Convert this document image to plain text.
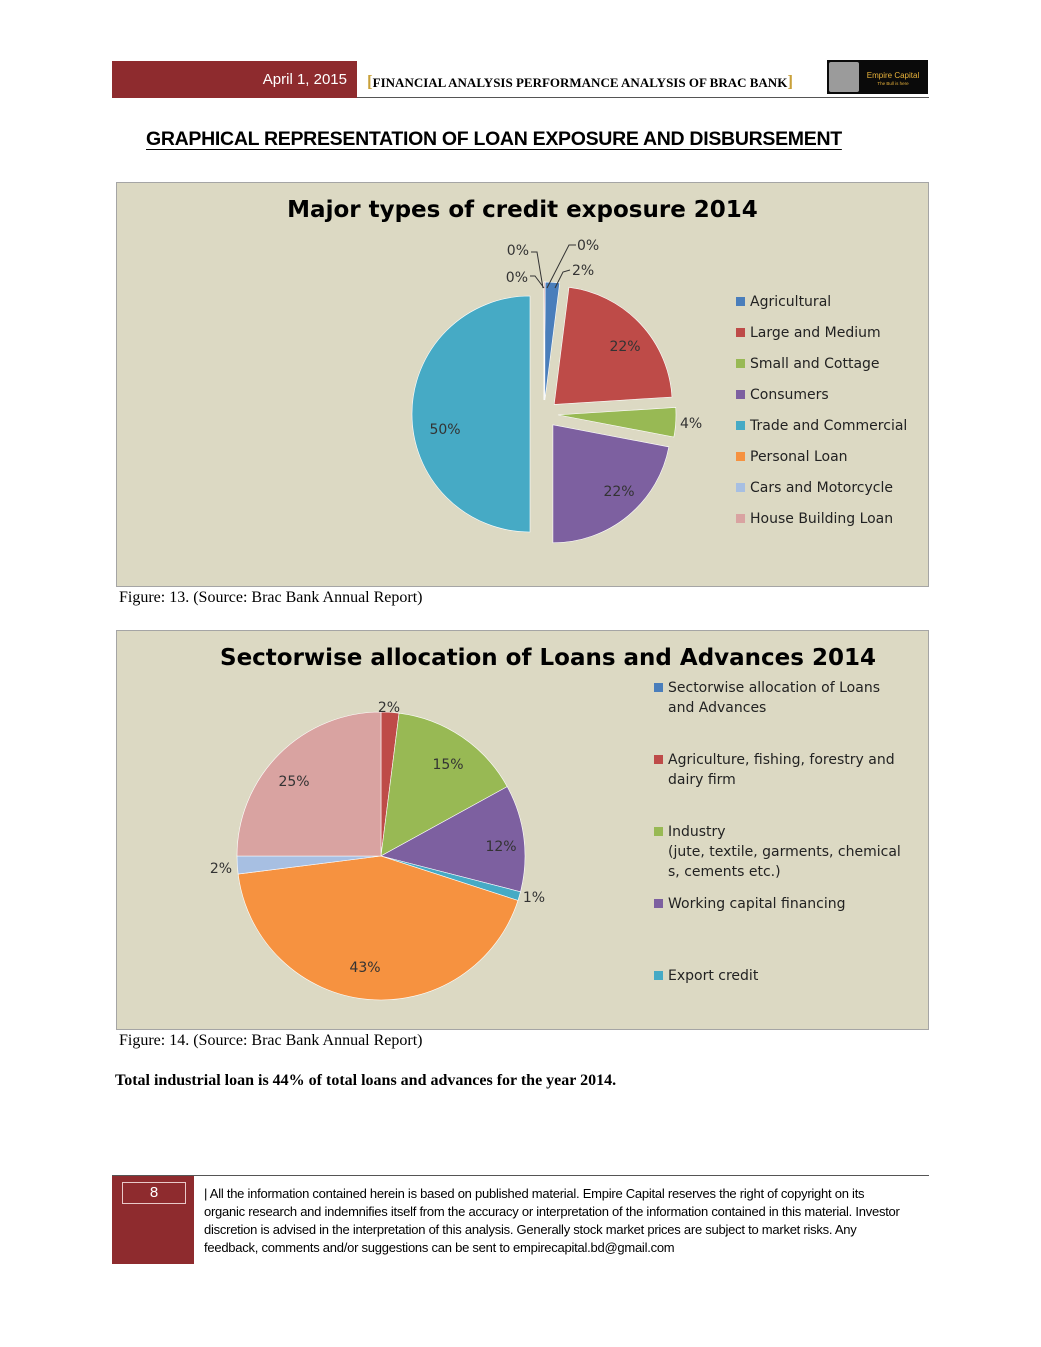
April 1, 2015 [FINANCIAL ANALYSIS PERFORMANCE ANALYSIS OF BRAC BANK]	Empire Capital
The Bull is here
GRAPHICAL REPRESENTATION OF LOAN EXPOSURE AND DISBURSEMENT
Major types of credit exposure 2014
2%
22%
4%
22%
50%
0%	0%
0%
Agricultural
Large and Medium
Small and Cottage
Consumers
Trade and Commercial
Personal Loan
Cars and Motorcycle
House Building Loan
Figure: 13. (Source: Brac Bank Annual Report)
Sectorwise allocation of Loans and Advances 2014
2%
15%
12%
1%
43%
2%
25%
Sectorwise allocation of Loans
and Advances
Agriculture, fishing, forestry and
dairy firm
Industry
(jute, textile, garments, chemical
s, cements etc.)
Working capital financing
Export credit
Figure: 14. (Source: Brac Bank Annual Report)
Total industrial loan is 44% of total loans and advances for the year 2014.
8	| All the information contained herein is based on published material. Empire Capital reserves the right of copyright on its
organic research and indemnifies itself from the accuracy or interpretation of the information contained in this material. Investor
discretion is advised in the interpretation of this analysis. Generally stock market prices are subject to market risks. Any
feedback, comments and/or suggestions can be sent to empirecapital.bd@gmail.com
